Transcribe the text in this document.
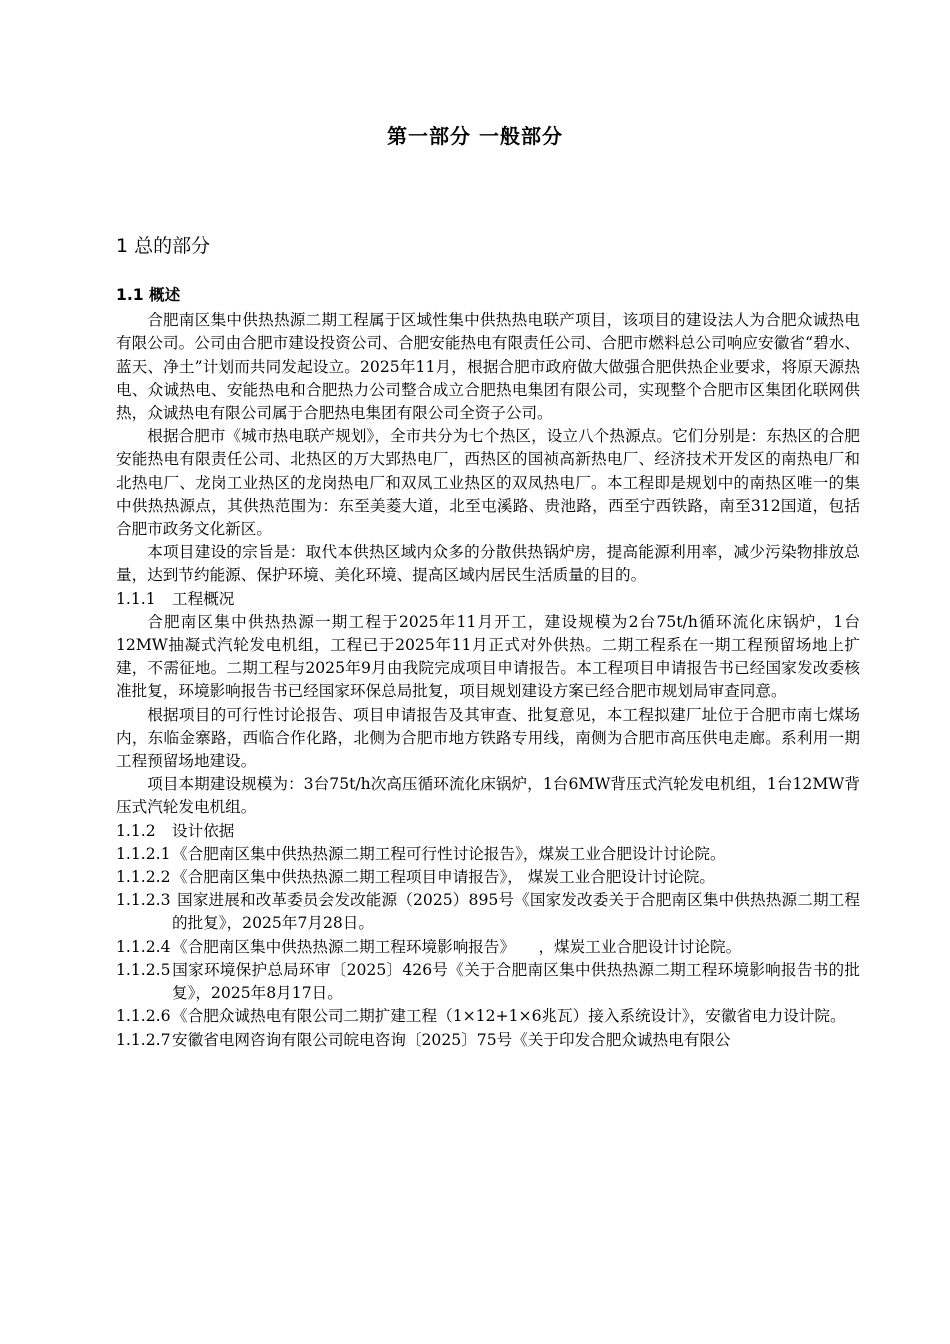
第一部分 一般部分
1 总的部分
1.1 概述

合肥南区集中供热热源二期工程属于区域性集中供热热电联产项目，该项目的建设法人为合肥众诚热电有限公司。公司由合肥市建设投资公司、合肥安能热电有限责任公司、合肥市燃料总公司响应安徽省“碧水、蓝天、净土”计划而共同发起设立。2025年11月，根据合肥市政府做大做强合肥供热企业要求，将原天源热电、众诚热电、安能热电和合肥热力公司整合成立合肥热电集团有限公司，实现整个合肥市区集团化联网供热，众诚热电有限公司属于合肥热电集团有限公司全资子公司。

根据合肥市《城市热电联产规划》，全市共分为七个热区，设立八个热源点。它们分别是：东热区的合肥安能热电有限责任公司、北热区的万大郢热电厂，西热区的国祯高新热电厂、经济技术开发区的南热电厂和北热电厂、龙岗工业热区的龙岗热电厂和双凤工业热区的双凤热电厂。本工程即是规划中的南热区唯一的集中供热热源点，其供热范围为：东至美菱大道，北至屯溪路、贵池路，西至宁西铁路，南至312国道，包括合肥市政务文化新区。

本项目建设的宗旨是：取代本供热区域内众多的分散供热锅炉房，提高能源利用率，减少污染物排放总量，达到节约能源、保护环境、美化环境、提高区域内居民生活质量的目的。

1.1.1 工程概况

合肥南区集中供热热源一期工程于2025年11月开工，建设规模为2台75t/h循环流化床锅炉，1台12MW抽凝式汽轮发电机组，工程已于2025年11月正式对外供热。二期工程系在一期工程预留场地上扩建，不需征地。二期工程与2025年9月由我院完成项目申请报告。本工程项目申请报告书已经国家发改委核准批复，环境影响报告书已经国家环保总局批复，项目规划建设方案已经合肥市规划局审查同意。

根据项目的可行性讨论报告、项目申请报告及其审查、批复意见，本工程拟建厂址位于合肥市南七煤场内，东临金寨路，西临合作化路，北侧为合肥市地方铁路专用线，南侧为合肥市高压供电走廊。系利用一期工程预留场地建设。

项目本期建设规模为：3台75t/h次高压循环流化床锅炉，1台6MW背压式汽轮发电机组，1台12MW背压式汽轮发电机组。

1.1.2 设计依据

1.1.2.1《合肥南区集中供热热源二期工程可行性讨论报告》，煤炭工业合肥设计讨论院。

1.1.2.2《合肥南区集中供热热源二期工程项目申请报告》， 煤炭工业合肥设计讨论院。

1.1.2.3 国家进展和改革委员会发改能源（2025）895号《国家发改委关于合肥南区集中供热热源二期工程的批复》，2025年7月28日。

1.1.2.4《合肥南区集中供热热源二期工程环境影响报告》　　，煤炭工业合肥设计讨论院。

1.1.2.5国家环境保护总局环审〔2025〕426号《关于合肥南区集中供热热源二期工程环境影响报告书的批复》，2025年8月17日。

1.1.2.6《合肥众诚热电有限公司二期扩建工程（1×12+1×6兆瓦）接入系统设计》，安徽省电力设计院。

1.1.2.7安徽省电网咨询有限公司皖电咨询〔2025〕75号《关于印发合肥众诚热电有限公
